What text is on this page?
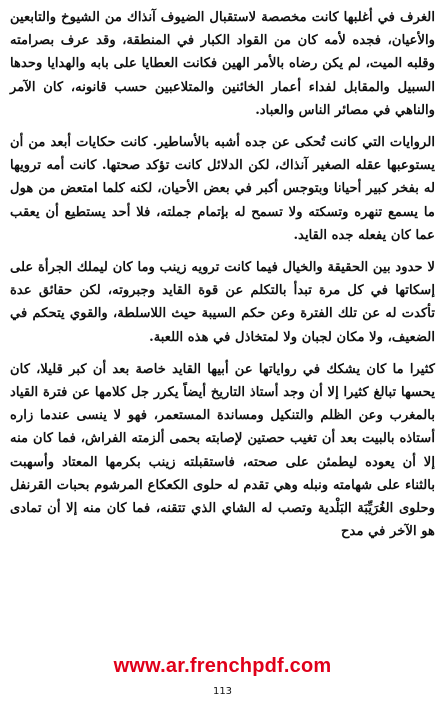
الغرف في أغلبها كانت مخصصة لاستقبال الضيوف آنذاك من الشيوخ والتابعين والأعيان، فجده لأمه كان من القواد الكبار في المنطقة، وقد عرف بصرامته وقلبه الميت، لم يكن رضاه بالأمر الهين فكانت العطايا على بابه والهدايا وحدها السبيل والمقابل لفداء أعمار الخائنين والمتلاعبين حسب قانونه، كان الآمر والناهي في مصائر الناس والعباد.

الروايات التي كانت تُحكى عن جده أشبه بالأساطير. كانت حكايات أبعد من أن يستوعبها عقله الصغير آنذاك، لكن الدلائل كانت تؤكد صحتها. كانت أمه ترويها له بفخر كبير أحيانا وبتوجس أكبر في بعض الأحيان، لكنه كلما امتعض من هول ما يسمع تنهره وتسكته ولا تسمح له بإتمام جملته، فلا أحد يستطيع أن يعقب عما كان يفعله جده القايد.

لا حدود بين الحقيقة والخيال فيما كانت ترويه زينب وما كان ليملك الجرأة على إسكاتها في كل مرة تبدأ بالتكلم عن قوة القايد وجبروته، لكن حقائق عدة تأكدت له عن تلك الفترة وعن حكم السيبة حيث اللاسلطة، والقوي يتحكم في الضعيف، ولا مكان لجبان ولا لمتخاذل في هذه اللعبة.

كثيرا ما كان يشكك في رواياتها عن أبيها القايد خاصة بعد أن كبر قليلا، كان يحسها تبالغ كثيرا إلا أن وجد أستاذ التاريخ أيضاً يكرر جل كلامها عن فترة القياد بالمغرب وعن الظلم والتنكيل ومساندة المستعمر، فهو لا ينسى عندما زاره أستاذه بالبيت بعد أن تغيب حصتين لإصابته بحمى ألزمته الفراش، فما كان منه إلا أن يعوده ليطمئن على صحته، فاستقبلته زينب بكرمها المعتاد وأسهبت بالثناء على شهامته ونبله وهي تقدم له حلوى الكعكاع المرشوم بحبات القرنفل وحلوى الغُرَيِّبَة البَلْدية وتصب له الشاي الذي تتقنه، فما كان منه إلا أن تمادى هو الآخر في مدح

www.ar.frenchpdf.com
113
